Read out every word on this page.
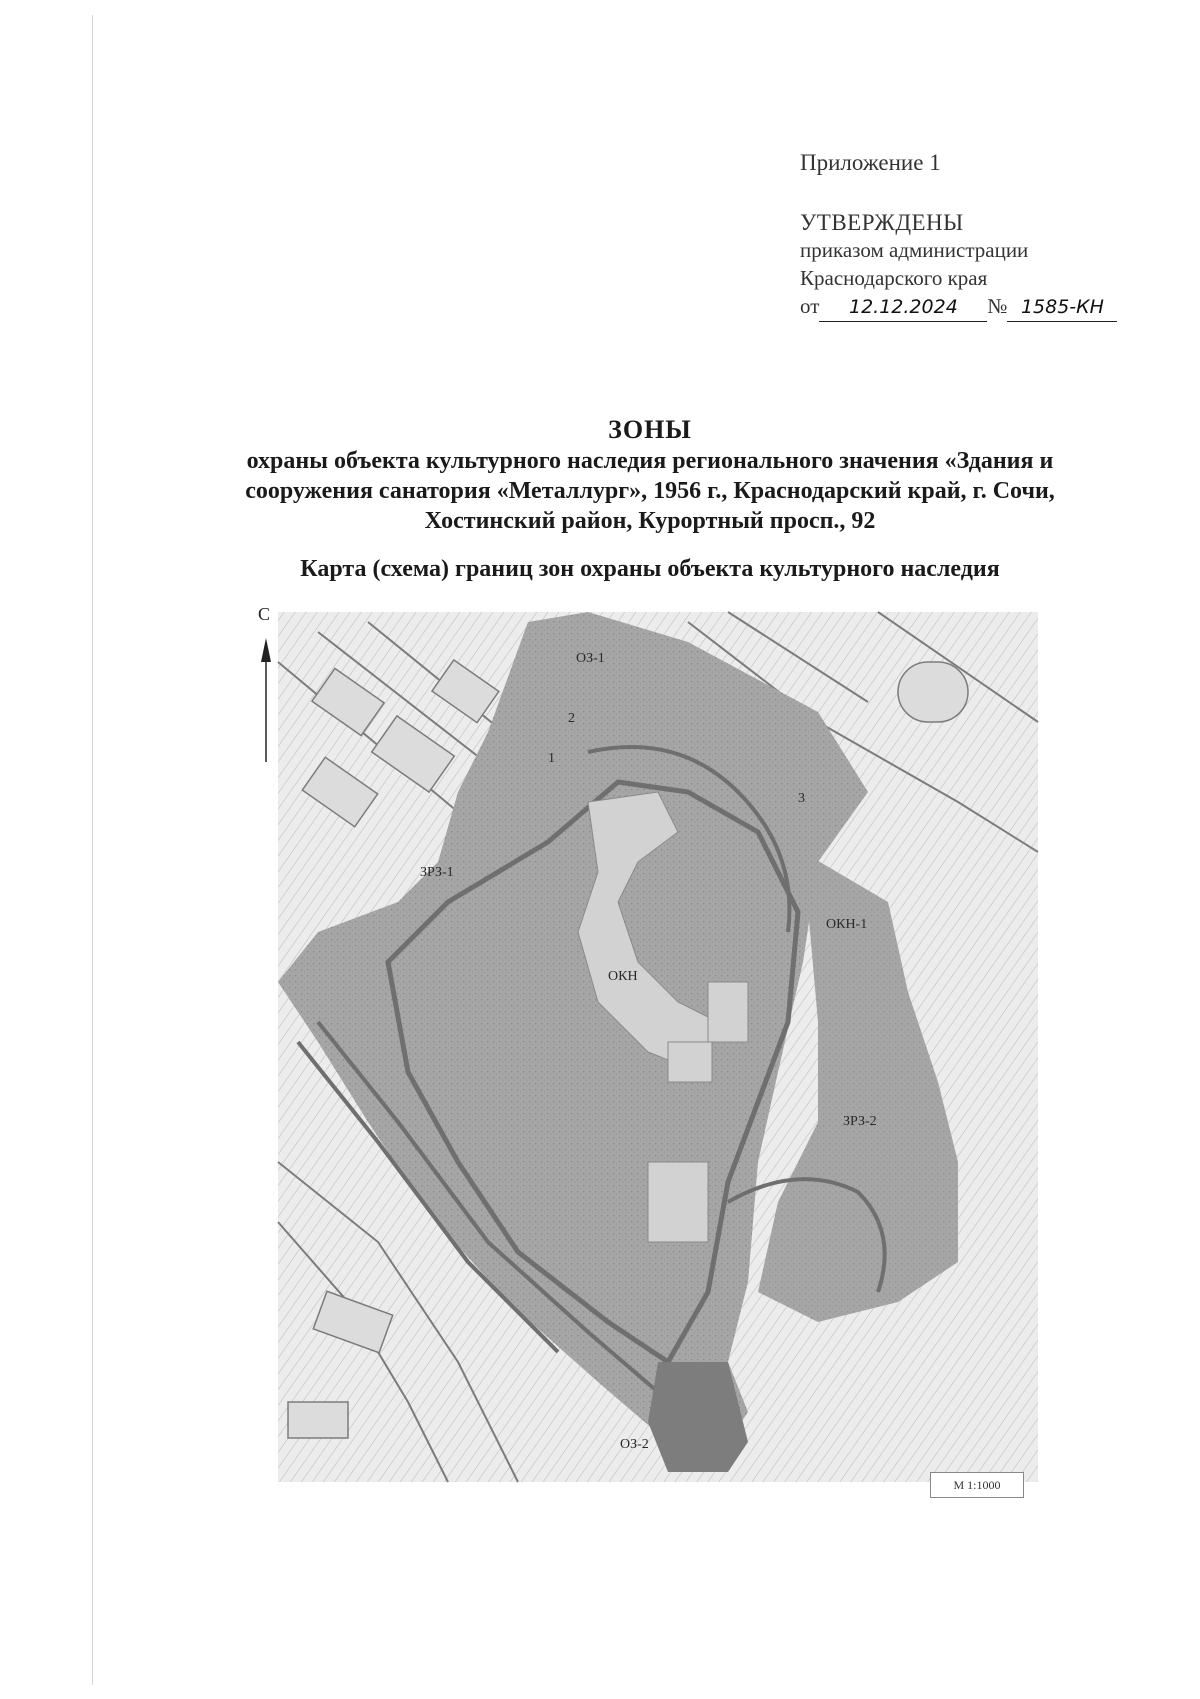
Приложение 1
УТВЕРЖДЕНЫ
приказом администрации
Краснодарского края
от 12.12.2024 № 1585-КН
ЗОНЫ
охраны объекта культурного наследия регионального значения «Здания и
сооружения санатория «Металлург», 1956 г., Краснодарский край, г. Сочи,
Хостинский район, Курортный просп., 92
Карта (схема) границ зон охраны объекта культурного наследия
С
ОЗ-1
ЗРЗ-1
ОКН
ОКН-1
ЗРЗ-2
ОЗ-2
1
2
3
М 1:1000
